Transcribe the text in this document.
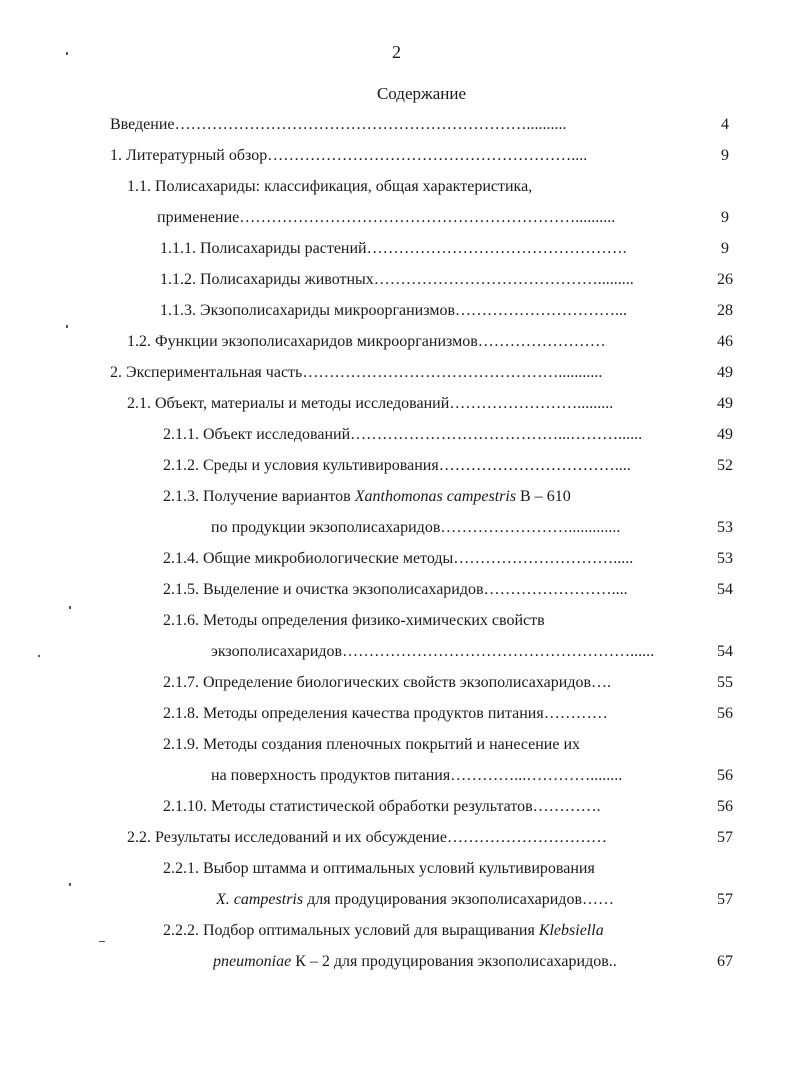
2
Содержание
Введение…………………………………………………………..........	4
1. Литературный обзор…………………………………………………....	9
1.1. Полисахариды: классификация, общая характеристика,
применение………………………………………………………..........	9
1.1.1. Полисахариды растений………………………………………….	9
1.1.2. Полисахариды животных…………………………………….........	26
1.1.3. Экзополисахариды микроорганизмов…………………………...	28
1.2. Функции экзополисахаридов микроорганизмов……………………	46
2. Экспериментальная часть…………………………………………...........	49
2.1. Объект, материалы и методы исследований…………………….........	49
2.1.1. Объект исследований…………………………………...………......	49
2.1.2. Среды и условия культивирования……………………………....	52
2.1.3. Получение вариантов Xanthomonas campestris В – 610
по продукции экзополисахаридов…………………….............	53
2.1.4. Общие микробиологические методы………………………….....	53
2.1.5. Выделение и очистка экзополисахаридов……………………....	54
2.1.6. Методы определения физико-химических свойств
экзополисахаридов………………………………………………......	54
2.1.7. Определение биологических свойств экзополисахаридов….	55
2.1.8. Методы определения качества продуктов питания…………	56
2.1.9. Методы создания пленочных покрытий и нанесение их
на поверхность продуктов питания…………...…………........	56
2.1.10. Методы статистической обработки результатов………….	56
2.2. Результаты исследований и их обсуждение…………………………	57
2.2.1. Выбор штамма и оптимальных условий культивирования
X. campestris для продуцирования экзополисахаридов……	57
2.2.2. Подбор оптимальных условий для выращивания Klebsiella
pneumoniae К – 2 для продуцирования экзополисахаридов..	67
